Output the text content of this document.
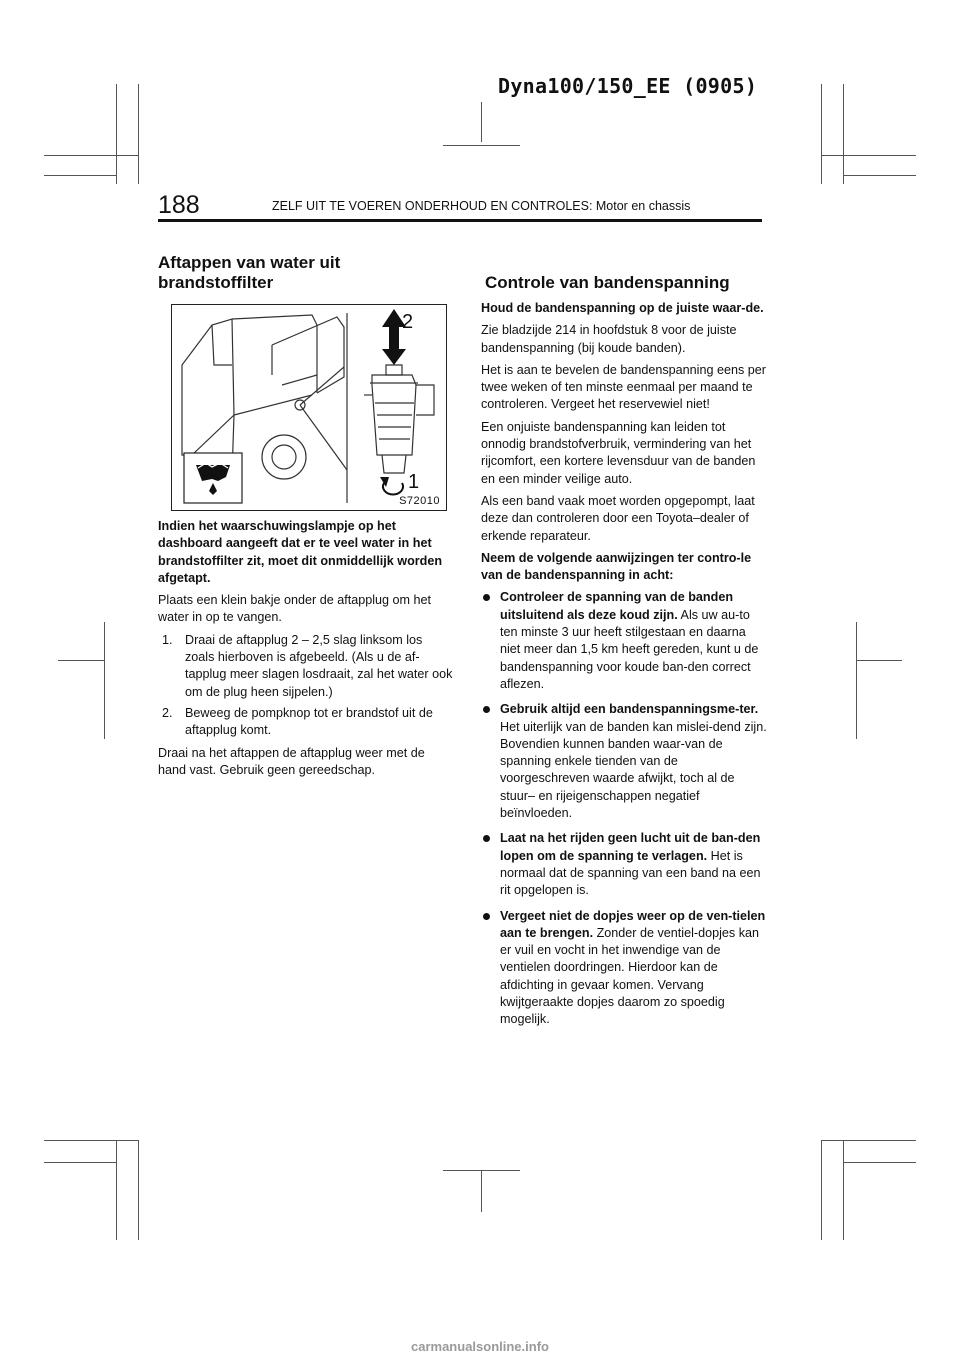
Dyna100/150_EE (0905)
188	ZELF UIT TE VOEREN ONDERHOUD EN CONTROLES: Motor en chassis
Aftappen van water uit brandstoffilter
2
1
S72010

Indien het waarschuwingslampje op het dashboard aangeeft dat er te veel water in het brandstoffilter zit, moet dit onmiddellijk worden afgetapt.

Plaats een klein bakje onder de aftapplug om het water in op te vangen.

1. Draai de aftapplug 2 – 2,5 slag linksom los zoals hierboven is afgebeeld. (Als u de af-tapplug meer slagen losdraait, zal het water ook om de plug heen sijpelen.)
2. Beweeg de pompknop tot er brandstof uit de aftapplug komt.

Draai na het aftappen de aftapplug weer met de hand vast. Gebruik geen gereedschap.

Controle van bandenspanning

Houd de bandenspanning op de juiste waar-de.

Zie bladzijde 214 in hoofdstuk 8 voor de juiste bandenspanning (bij koude banden).

Het is aan te bevelen de bandenspanning eens per twee weken of ten minste eenmaal per maand te controleren. Vergeet het reservewiel niet!

Een onjuiste bandenspanning kan leiden tot onnodig brandstofverbruik, vermindering van het rijcomfort, een kortere levensduur van de banden en een minder veilige auto.

Als een band vaak moet worden opgepompt, laat deze dan controleren door een Toyota–dealer of erkende reparateur.

Neem de volgende aanwijzingen ter contro-le van de bandenspanning in acht:

Controleer de spanning van de banden uitsluitend als deze koud zijn. Als uw au-to ten minste 3 uur heeft stilgestaan en daarna niet meer dan 1,5 km heeft gereden, kunt u de bandenspanning voor koude ban-den correct aflezen.
Gebruik altijd een bandenspanningsme-ter. Het uiterlijk van de banden kan mislei-dend zijn. Bovendien kunnen banden waar-van de spanning enkele tienden van de voorgeschreven waarde afwijkt, toch al de stuur– en rijeigenschappen negatief beïnvloeden.
Laat na het rijden geen lucht uit de ban-den lopen om de spanning te verlagen. Het is normaal dat de spanning van een band na een rit opgelopen is.
Vergeet niet de dopjes weer op de ven-tielen aan te brengen. Zonder de ventiel-dopjes kan er vuil en vocht in het inwendige van de ventielen doordringen. Hierdoor kan de afdichting in gevaar komen. Vervang kwijtgeraakte dopjes daarom zo spoedig mogelijk.
carmanualsonline.info
